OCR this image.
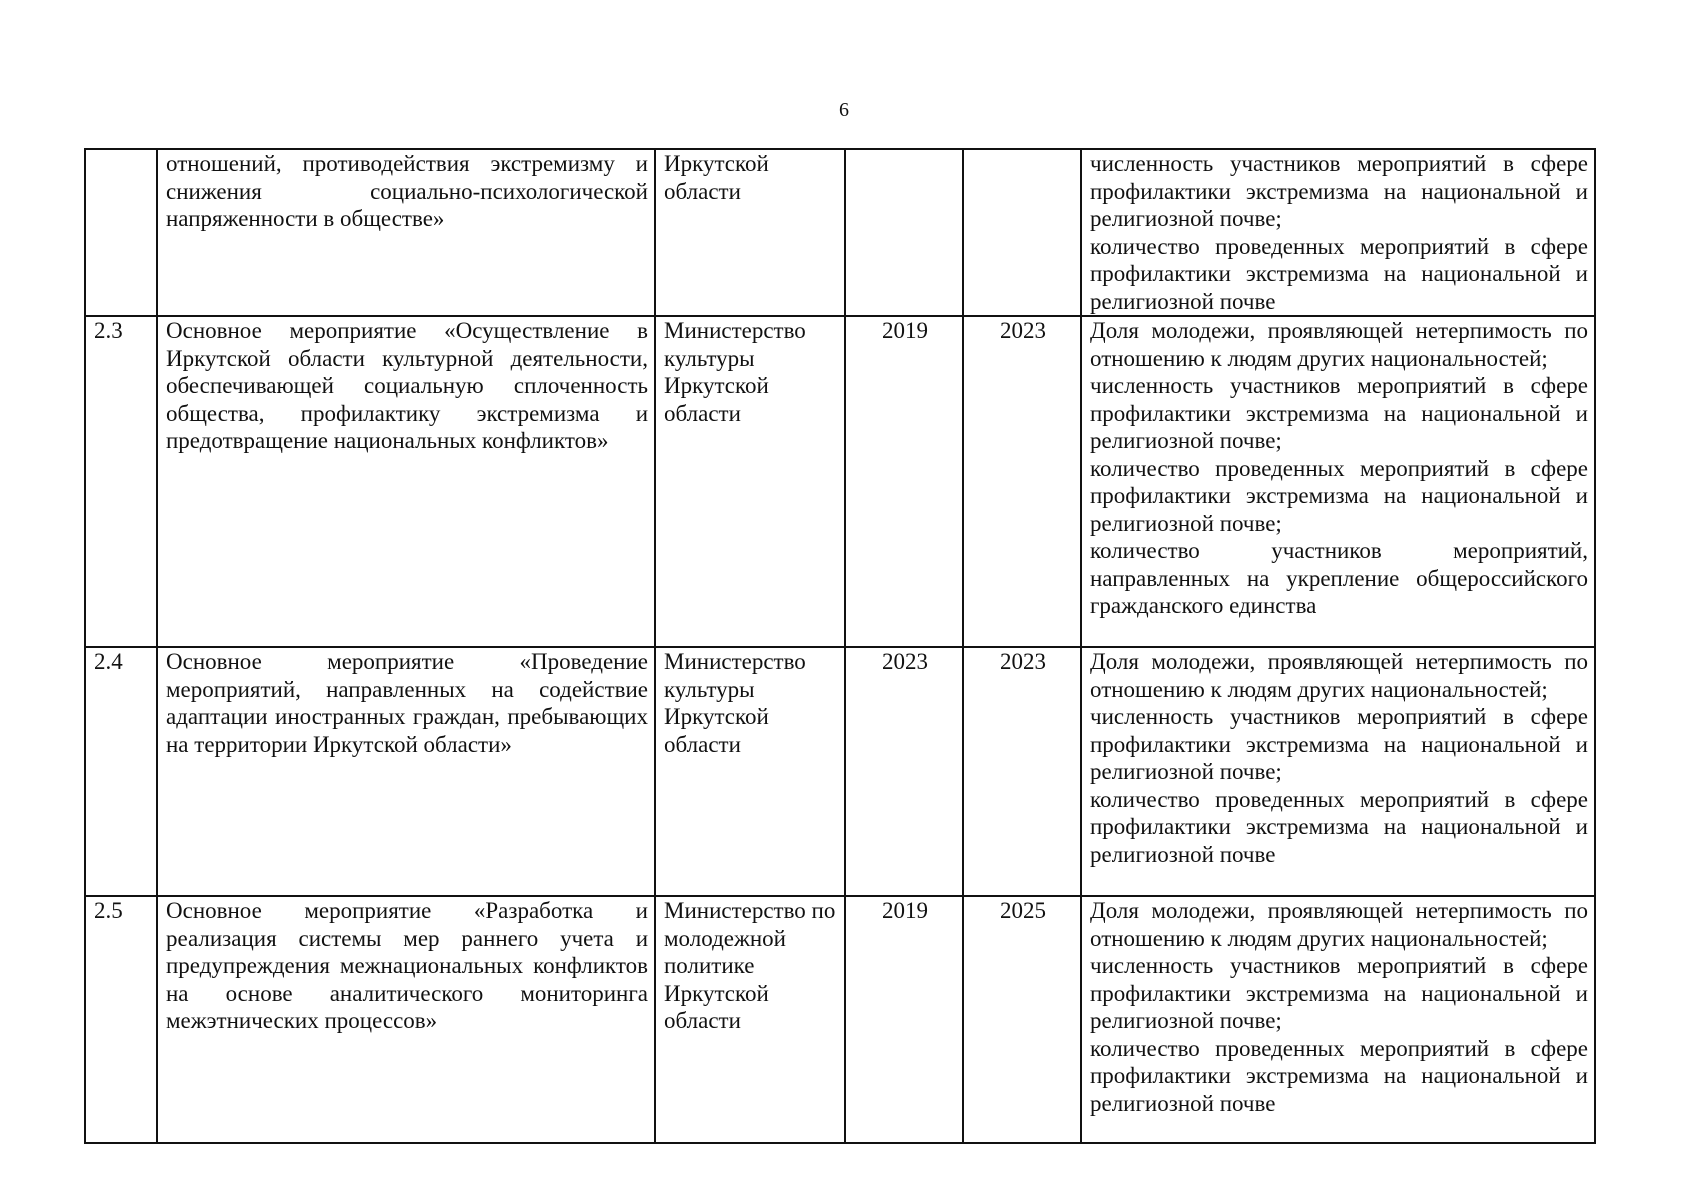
6

	отношений, противодействия экстремизму и снижения социально-психологической напряженности в обществе»	Иркутской области			численность участников мероприятий в сфере профилактики экстремизма на национальной и религиозной почве;
количество проведенных мероприятий в сфере профилактики экстремизма на национальной и религиозной почве

2.3	Основное мероприятие «Осуществление в Иркутской области культурной деятельности, обеспечивающей социальную сплоченность общества, профилактику экстремизма и предотвращение национальных конфликтов»	Министерство культуры Иркутской области	2019	2023	Доля молодежи, проявляющей нетерпимость по отношению к людям других национальностей;
численность участников мероприятий в сфере профилактики экстремизма на национальной и религиозной почве;
количество проведенных мероприятий в сфере профилактики экстремизма на национальной и религиозной почве;
количество участников мероприятий, направленных на укрепление общероссийского гражданского единства

2.4	Основное мероприятие «Проведение мероприятий, направленных на содействие адаптации иностранных граждан, пребывающих на территории Иркутской области»	Министерство культуры Иркутской области	2023	2023	Доля молодежи, проявляющей нетерпимость по отношению к людям других национальностей;
численность участников мероприятий в сфере профилактики экстремизма на национальной и религиозной почве;
количество проведенных мероприятий в сфере профилактики экстремизма на национальной и религиозной почве

2.5	Основное мероприятие «Разработка и реализация системы мер раннего учета и предупреждения межнациональных конфликтов на основе аналитического мониторинга межэтнических процессов»	Министерство по молодежной политике Иркутской области	2019	2025	Доля молодежи, проявляющей нетерпимость по отношению к людям других национальностей;
численность участников мероприятий в сфере профилактики экстремизма на национальной и религиозной почве;
количество проведенных мероприятий в сфере профилактики экстремизма на национальной и религиозной почве
